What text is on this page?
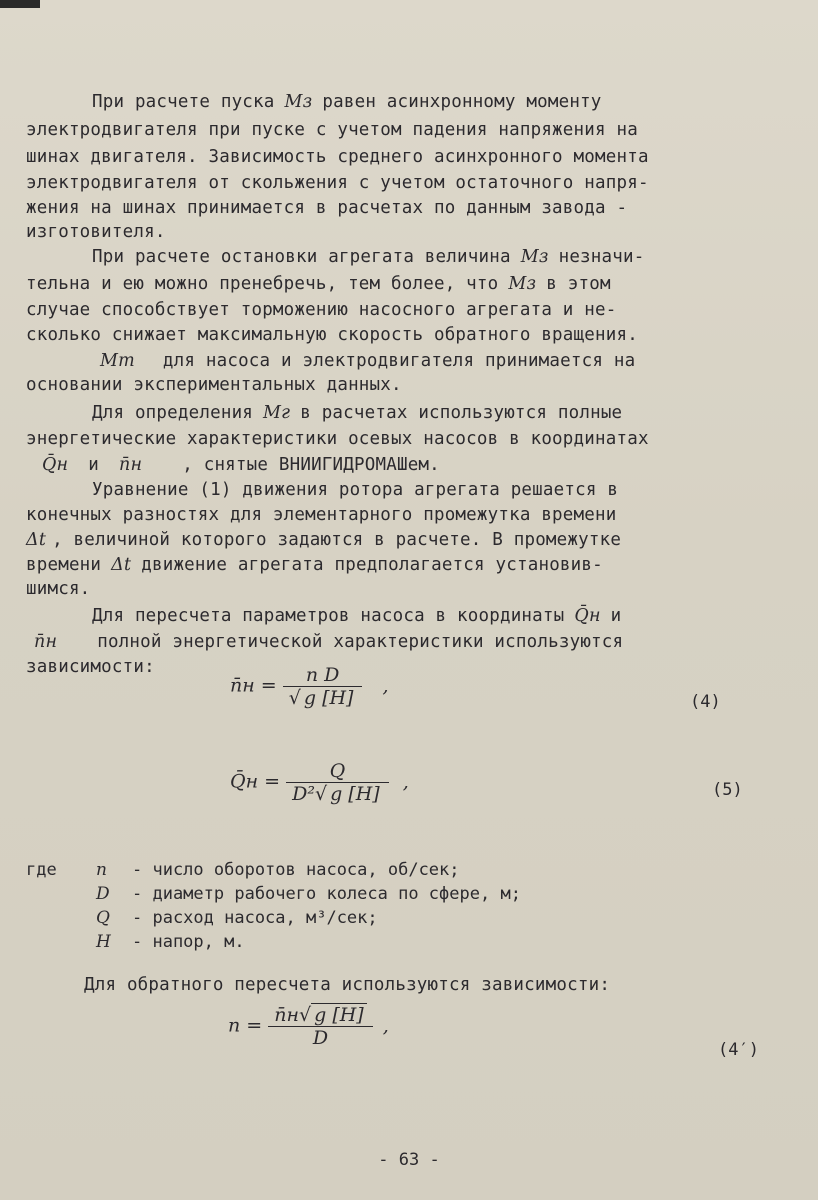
При расчете пуска Mз равен асинхронному моменту
электродвигателя при пуске с учетом падения напряжения на
шинах двигателя. Зависимость среднего асинхронного момента
электродвигателя от скольжения с учетом остаточного напря-
жения на шинах принимается в расчетах по данным завода -
изготовителя.
При расчете остановки агрегата величина Mз незначи-
тельна и ею можно пренебречь, тем более, что Mз в этом
случае способствует торможению насосного агрегата и не-
сколько снижает максимальную скорость обратного вращения.
Mт для насоса и электродвигателя принимается на
основании экспериментальных данных.
Для определения Mг в расчетах используются полные
энергетические характеристики осевых насосов в координатах
Q̄н и n̄н , снятые ВНИИГИДРОМАШем.
Уравнение (1) движения ротора агрегата решается в
конечных разностях для элементарного промежутка времени
Δt , величиной которого задаются в расчете. В промежутке
времени Δt движение агрегата предполагается установив-
шимся.
Для пересчета параметров насоса в координаты Q̄н и
n̄н полной энергетической характеристики используются
зависимости:
n̄н = $\frac{\text{n D}}{√ g [H]}$ ,
(4)
Q̄н = $\frac{Q}{\text{D²√ g [H]}}$ ,	(5)
где	n	- число оборотов насоса, об/сек;
D	- диаметр рабочего колеса по сфере, м;
Q	- расход насоса, м³/сек;
H	- напор, м.
Для обратного пересчета используются зависимости:
$n = \frac{n̄н√ g [H]}{D}$ ,
(4′)
- 63 -
